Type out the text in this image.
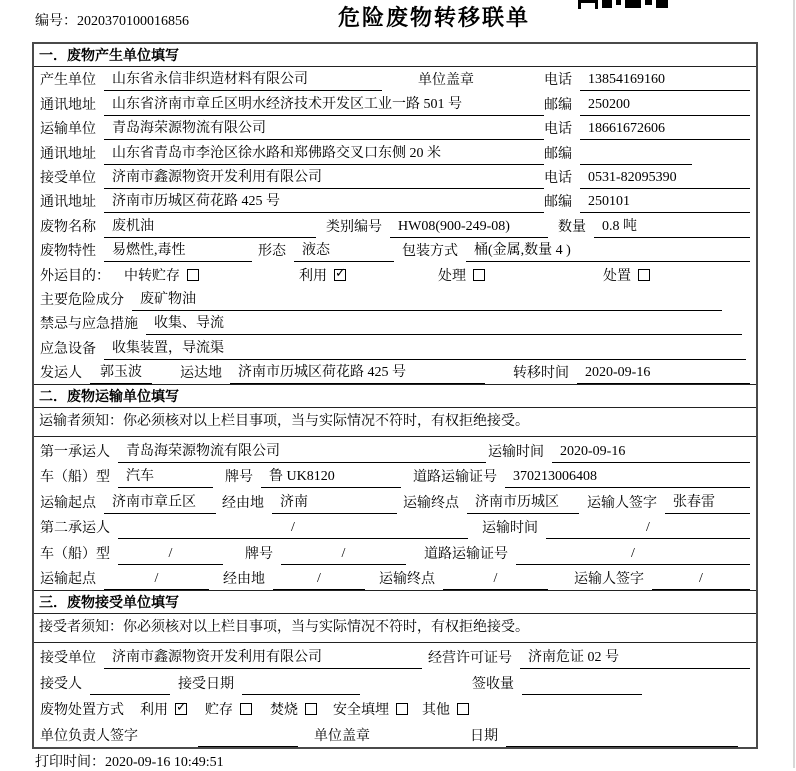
编号：2020370100016856	危险废物转移联单
一．废物产生单位填写
产生单位	山东省永信非织造材料有限公司	单位盖章	电话	13854169160
通讯地址	山东省济南市章丘区明水经济技术开发区工业一路 501 号	邮编	250200
运输单位	青岛海荣源物流有限公司	电话	18661672606
通讯地址	山东省青岛市李沧区徐水路和郑佛路交叉口东侧 20 米	邮编
接受单位	济南市鑫源物资开发利用有限公司	电话	0531-82095390
通讯地址	济南市历城区荷花路 425 号	邮编	250101
废物名称	废机油	类别编号	HW08(900-249-08)	数量	0.8 吨
废物特性	易燃性,毒性	形态	液态	包装方式	桶(金属,数量 4 )
外运目的： 中转贮存	利用 ✓	处理	处置
主要危险成分	废矿物油
禁忌与应急措施	收集、导流
应急设备	收集装置，导流渠
发运人	郭玉波	运达地	济南市历城区荷花路 425 号	转移时间	2020-09-16
二．废物运输单位填写
运输者须知：你必须核对以上栏目事项，当与实际情况不符时，有权拒绝接受。
第一承运人	青岛海荣源物流有限公司	运输时间	2020-09-16
车（船）型	汽车	牌号	鲁 UK8120	道路运输证号	370213006408
运输起点	济南市章丘区	经由地	济南	运输终点	济南市历城区	运输人签字	张春雷
第二承运人	/	运输时间	/
车（船）型	/	牌号	/	道路运输证号	/
运输起点	/	经由地	/	运输终点	/	运输人签字	/
三．废物接受单位填写
接受者须知：你必须核对以上栏目事项，当与实际情况不符时，有权拒绝接受。
接受单位	济南市鑫源物资开发利用有限公司	经营许可证号	济南危证 02 号
接受人	接受日期	签收量
废物处置方式 利用 ✓	贮存	焚烧	安全填埋 其他
单位负责人签字	单位盖章	日期
打印时间：2020-09-16 10:49:51
